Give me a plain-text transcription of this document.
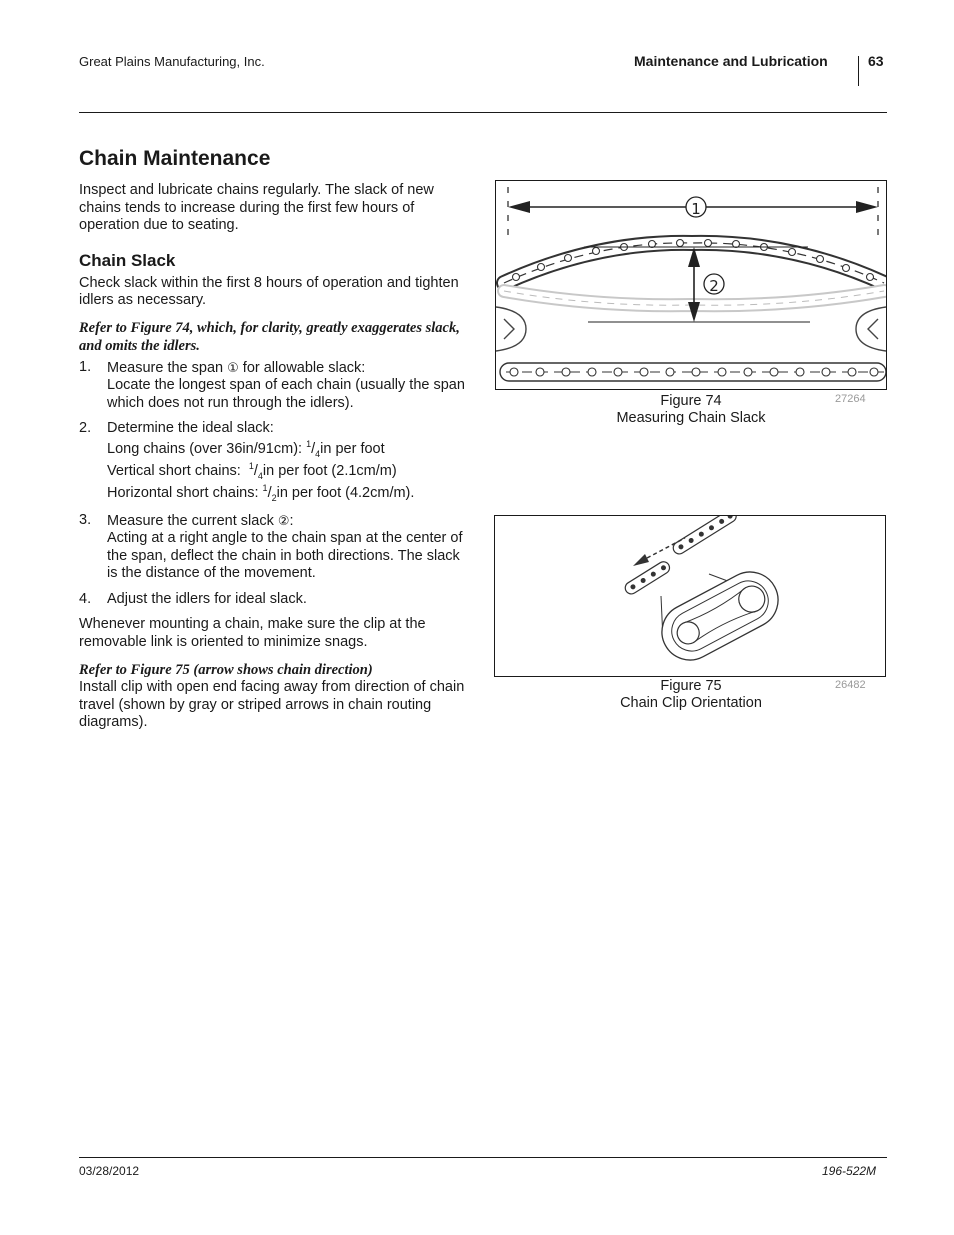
Great Plains Manufacturing, Inc.	Maintenance and Lubrication	63
Chain Maintenance

Inspect and lubricate chains regularly. The slack of new chains tends to increase during the first few hours of operation due to seating.

Chain Slack

Check slack within the first 8 hours of operation and tighten idlers as necessary.

Refer to Figure 74, which, for clarity, greatly exaggerates slack, and omits the idlers.

1. Measure the span ① for allowable slack:
Locate the longest span of each chain (usually the span which does not run through the idlers).
2. Determine the ideal slack:
Long chains (over 36in/91cm): $^1/_4in$ per foot
Vertical short chains:  $^1/_4in$ per foot (2.1cm/m)
Horizontal short chains: $^1/_2in$ per foot (4.2cm/m).
3. Measure the current slack ②:
Acting at a right angle to the chain span at the center of the span, deflect the chain in both directions. The slack is the distance of the movement.
4. Adjust the idlers for ideal slack.

Whenever mounting a chain, make sure the clip at the removable link is oriented to minimize snags.

Refer to Figure 75 (arrow shows chain direction)

Install clip with open end facing away from direction of chain travel (shown by gray or striped arrows in chain routing diagrams).

1
2
Figure 74
Measuring Chain Slack
27264
Figure 75
Chain Clip Orientation
26482
03/28/2012	196-522M
